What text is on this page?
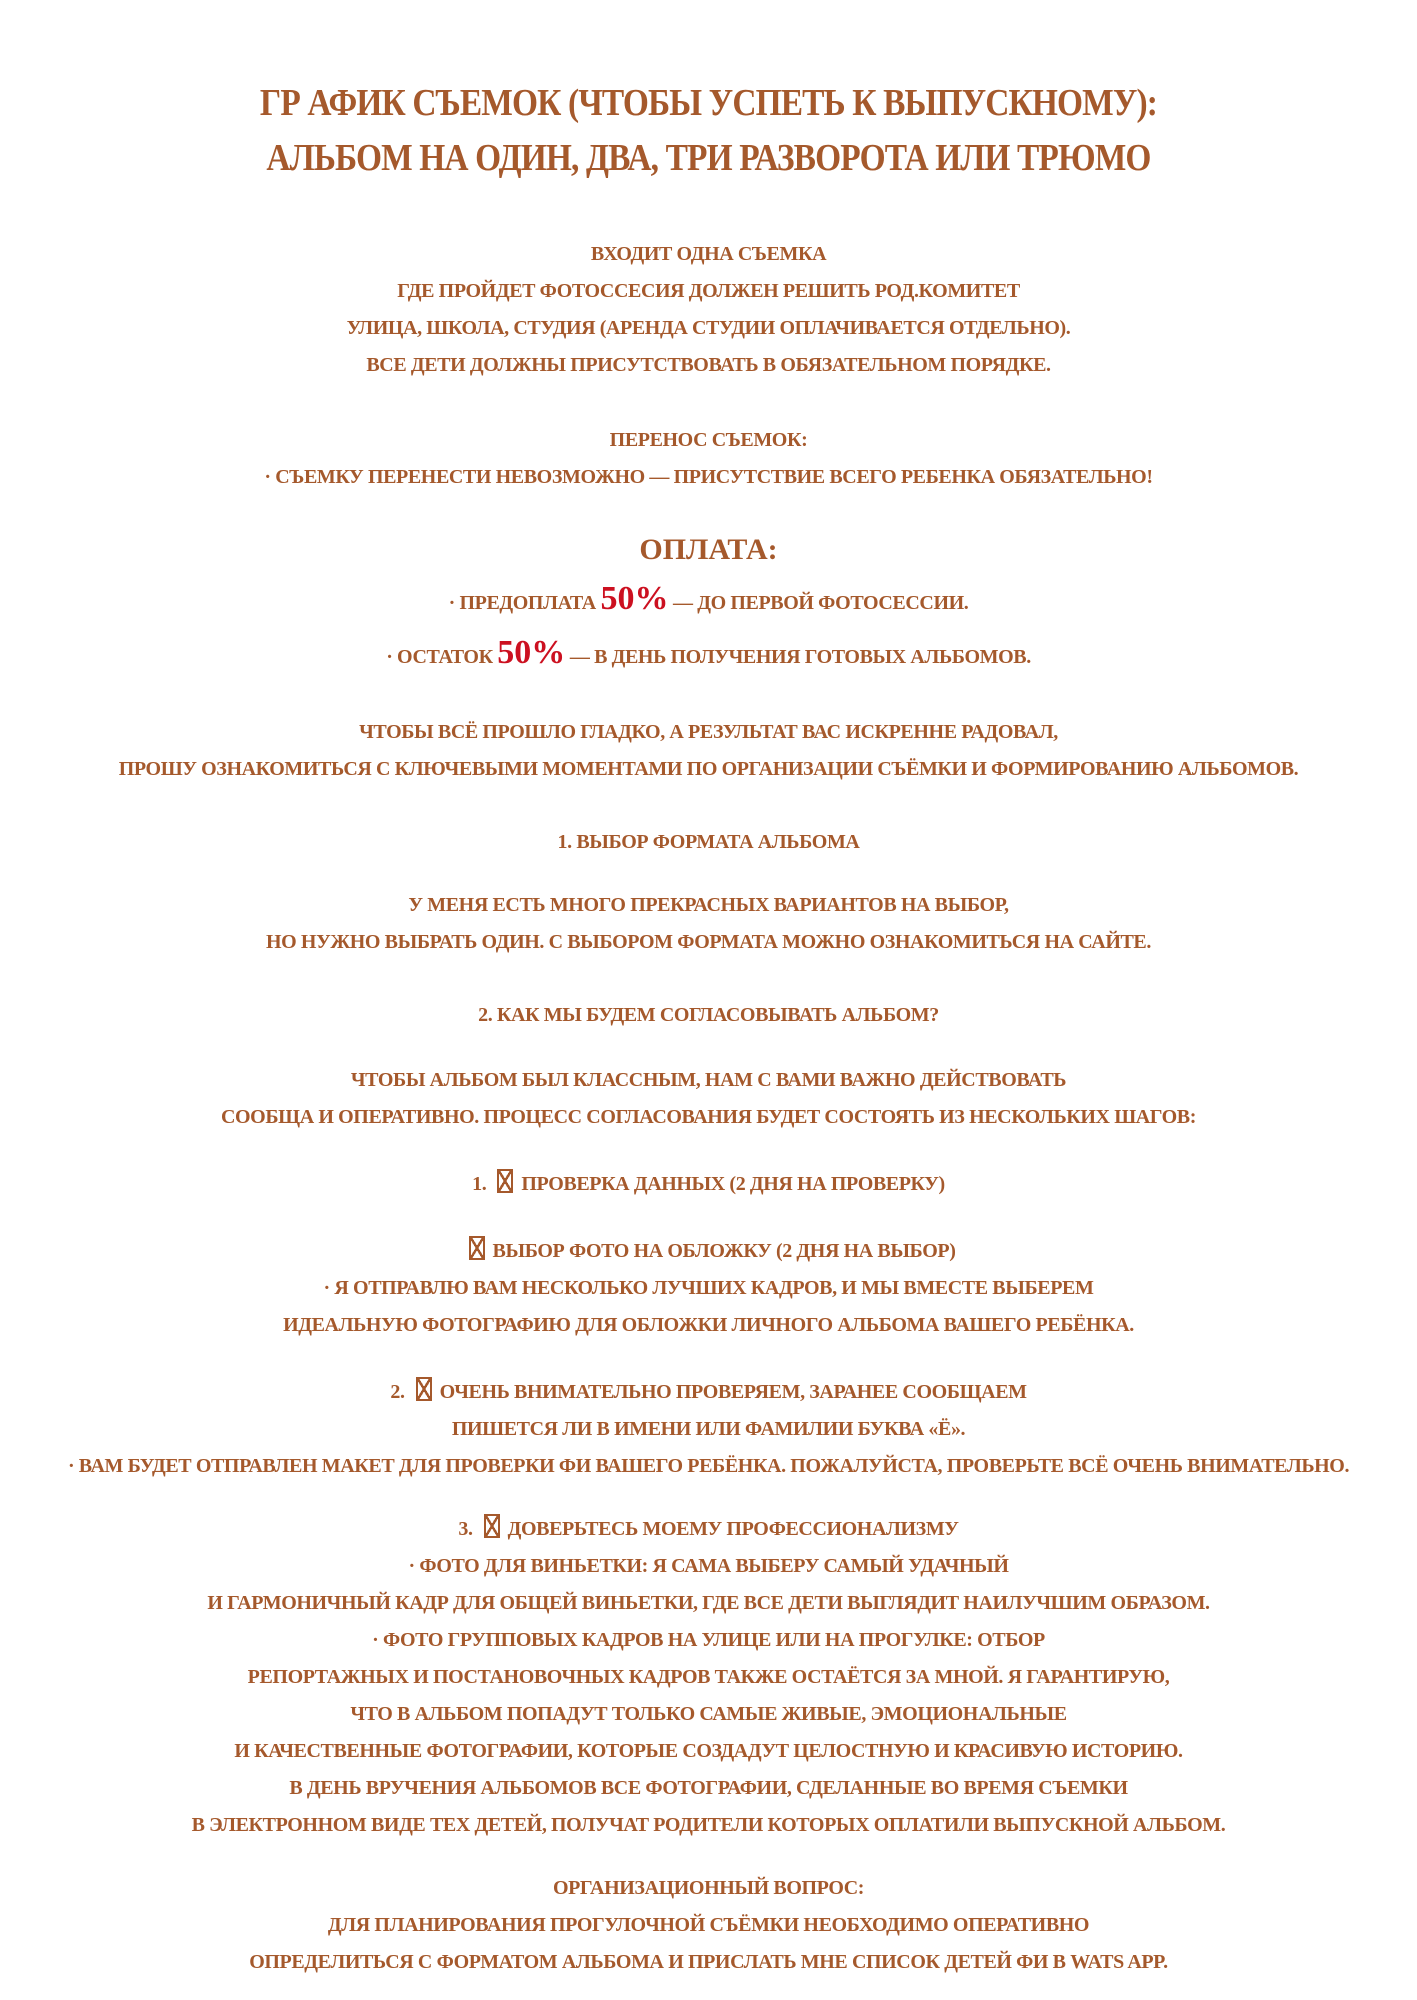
ГР АФИК СЪЕМОК (ЧТОБЫ УСПЕТЬ К ВЫПУСКНОМУ):
АЛЬБОМ НА ОДИН, ДВА, ТРИ РАЗВОРОТА ИЛИ ТРЮМО
ВХОДИТ ОДНА СЪЕМКА
ГДЕ ПРОЙДЕТ ФОТОССЕСИЯ ДОЛЖЕН РЕШИТЬ РОД.КОМИТЕТ
УЛИЦА, ШКОЛА, СТУДИЯ (АРЕНДА СТУДИИ ОПЛАЧИВАЕТСЯ ОТДЕЛЬНО).
ВСЕ ДЕТИ ДОЛЖНЫ ПРИСУТСТВОВАТЬ В ОБЯЗАТЕЛЬНОМ ПОРЯДКЕ.
ПЕРЕНОС СЪЕМОК:
· СЪЕМКУ ПЕРЕНЕСТИ НЕВОЗМОЖНО — ПРИСУТСТВИЕ ВСЕГО РЕБЕНКА ОБЯЗАТЕЛЬНО!
ОПЛАТА:
· ПРЕДОПЛАТА 50% — ДО ПЕРВОЙ ФОТОСЕССИИ.
· ОСТАТОК 50% — В ДЕНЬ ПОЛУЧЕНИЯ ГОТОВЫХ АЛЬБОМОВ.
ЧТОБЫ ВСЁ ПРОШЛО ГЛАДКО, А РЕЗУЛЬТАТ ВАС ИСКРЕННЕ РАДОВАЛ,
ПРОШУ ОЗНАКОМИТЬСЯ С КЛЮЧЕВЫМИ МОМЕНТАМИ ПО ОРГАНИЗАЦИИ СЪЁМКИ И ФОРМИРОВАНИЮ АЛЬБОМОВ.
1. ВЫБОР ФОРМАТА АЛЬБОМА
У МЕНЯ ЕСТЬ МНОГО ПРЕКРАСНЫХ ВАРИАНТОВ НА ВЫБОР,
НО НУЖНО ВЫБРАТЬ ОДИН. С ВЫБОРОМ ФОРМАТА МОЖНО ОЗНАКОМИТЬСЯ НА САЙТЕ.
2. КАК МЫ БУДЕМ СОГЛАСОВЫВАТЬ АЛЬБОМ?
ЧТОБЫ АЛЬБОМ БЫЛ КЛАССНЫМ, НАМ С ВАМИ ВАЖНО ДЕЙСТВОВАТЬ
СООБЩА И ОПЕРАТИВНО. ПРОЦЕСС СОГЛАСОВАНИЯ БУДЕТ СОСТОЯТЬ ИЗ НЕСКОЛЬКИХ ШАГОВ:
1. ПРОВЕРКА ДАННЫХ (2 ДНЯ НА ПРОВЕРКУ)
ВЫБОР ФОТО НА ОБЛОЖКУ (2 ДНЯ НА ВЫБОР)
· Я ОТПРАВЛЮ ВАМ НЕСКОЛЬКО ЛУЧШИХ КАДРОВ, И МЫ ВМЕСТЕ ВЫБЕРЕМ
ИДЕАЛЬНУЮ ФОТОГРАФИЮ ДЛЯ ОБЛОЖКИ ЛИЧНОГО АЛЬБОМА ВАШЕГО РЕБЁНКА.
2. ОЧЕНЬ ВНИМАТЕЛЬНО ПРОВЕРЯЕМ, ЗАРАНЕЕ СООБЩАЕМ
ПИШЕТСЯ ЛИ В ИМЕНИ ИЛИ ФАМИЛИИ БУКВА «Ё».
· ВАМ БУДЕТ ОТПРАВЛЕН МАКЕТ ДЛЯ ПРОВЕРКИ ФИ ВАШЕГО РЕБЁНКА. ПОЖАЛУЙСТА, ПРОВЕРЬТЕ ВСЁ ОЧЕНЬ ВНИМАТЕЛЬНО.
3. ДОВЕРЬТЕСЬ МОЕМУ ПРОФЕССИОНАЛИЗМУ
· ФОТО ДЛЯ ВИНЬЕТКИ: Я САМА ВЫБЕРУ САМЫЙ УДАЧНЫЙ
И ГАРМОНИЧНЫЙ КАДР ДЛЯ ОБЩЕЙ ВИНЬЕТКИ, ГДЕ ВСЕ ДЕТИ ВЫГЛЯДИТ НАИЛУЧШИМ ОБРАЗОМ.
· ФОТО ГРУППОВЫХ КАДРОВ НА УЛИЦЕ ИЛИ НА ПРОГУЛКЕ: ОТБОР
РЕПОРТАЖНЫХ И ПОСТАНОВОЧНЫХ КАДРОВ ТАКЖЕ ОСТАЁТСЯ ЗА МНОЙ. Я ГАРАНТИРУЮ,
ЧТО В АЛЬБОМ ПОПАДУТ ТОЛЬКО САМЫЕ ЖИВЫЕ, ЭМОЦИОНАЛЬНЫЕ
И КАЧЕСТВЕННЫЕ ФОТОГРАФИИ, КОТОРЫЕ СОЗДАДУТ ЦЕЛОСТНУЮ И КРАСИВУЮ ИСТОРИЮ.
В ДЕНЬ ВРУЧЕНИЯ АЛЬБОМОВ ВСЕ ФОТОГРАФИИ, СДЕЛАННЫЕ ВО ВРЕМЯ СЪЕМКИ
В ЭЛЕКТРОННОМ ВИДЕ ТЕХ ДЕТЕЙ, ПОЛУЧАТ РОДИТЕЛИ КОТОРЫХ ОПЛАТИЛИ ВЫПУСКНОЙ АЛЬБОМ.
ОРГАНИЗАЦИОННЫЙ ВОПРОС:
ДЛЯ ПЛАНИРОВАНИЯ ПРОГУЛОЧНОЙ СЪЁМКИ НЕОБХОДИМО ОПЕРАТИВНО
ОПРЕДЕЛИТЬСЯ С ФОРМАТОМ АЛЬБОМА И ПРИСЛАТЬ МНЕ СПИСОК ДЕТЕЙ ФИ В WATS APP.
